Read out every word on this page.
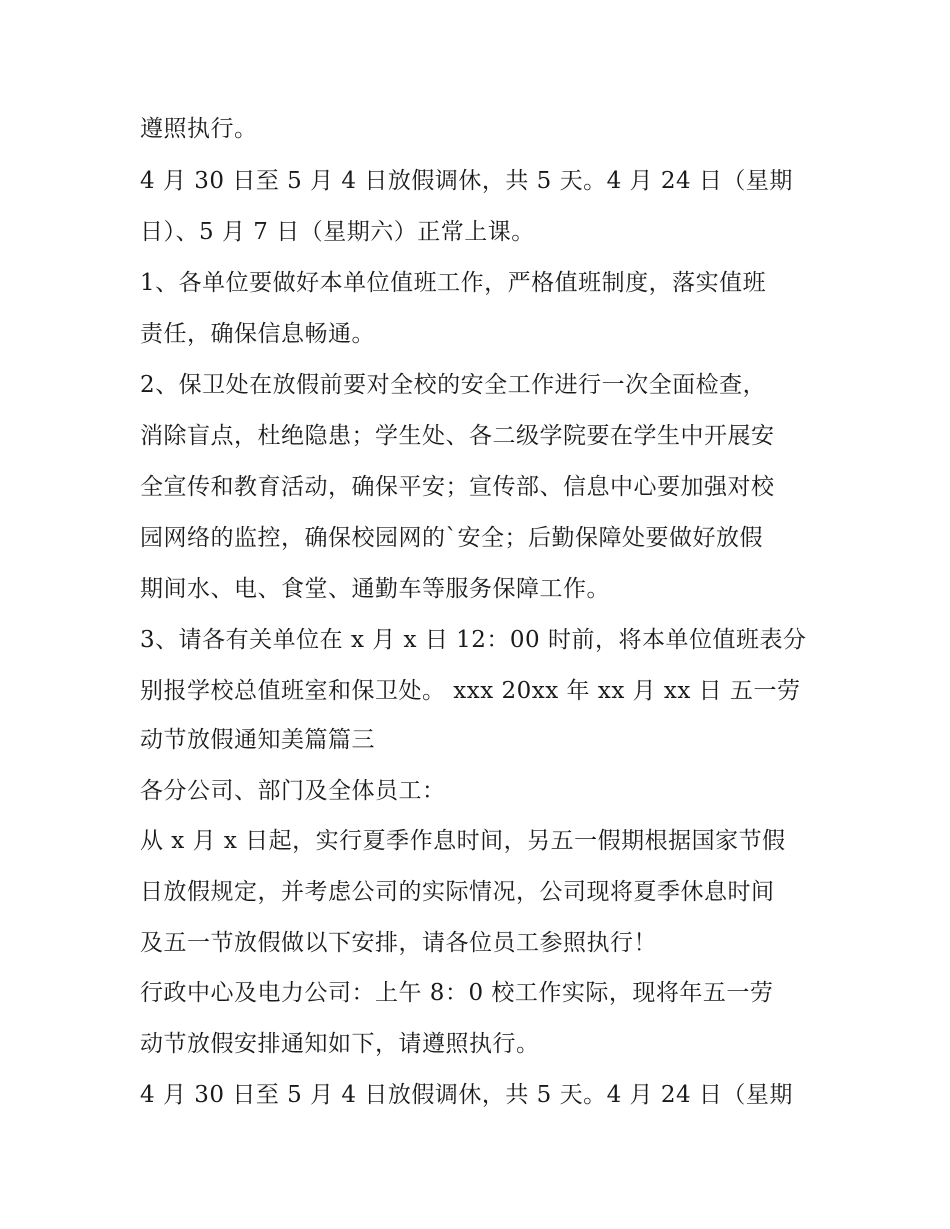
遵照执行。

4 月 30 日至 5 月 4 日放假调休，共 5 天。4 月 24 日（星期

日）、5 月 7 日（星期六）正常上课。

1、各单位要做好本单位值班工作，严格值班制度，落实值班

责任，确保信息畅通。

2、保卫处在放假前要对全校的安全工作进行一次全面检查，

消除盲点，杜绝隐患；学生处、各二级学院要在学生中开展安

全宣传和教育活动，确保平安；宣传部、信息中心要加强对校

园网络的监控，确保校园网的`安全；后勤保障处要做好放假

期间水、电、食堂、通勤车等服务保障工作。

3、请各有关单位在 x 月 x 日 12：00 时前，将本单位值班表分

别报学校总值班室和保卫处。 xxx 20xx 年 xx 月 xx 日 五一劳

动节放假通知美篇篇三

各分公司、部门及全体员工：

从 x 月 x 日起，实行夏季作息时间，另五一假期根据国家节假

日放假规定，并考虑公司的实际情况，公司现将夏季休息时间

及五一节放假做以下安排，请各位员工参照执行！

行政中心及电力公司：上午 8：0 校工作实际，现将年五一劳

动节放假安排通知如下，请遵照执行。

4 月 30 日至 5 月 4 日放假调休，共 5 天。4 月 24 日（星期
